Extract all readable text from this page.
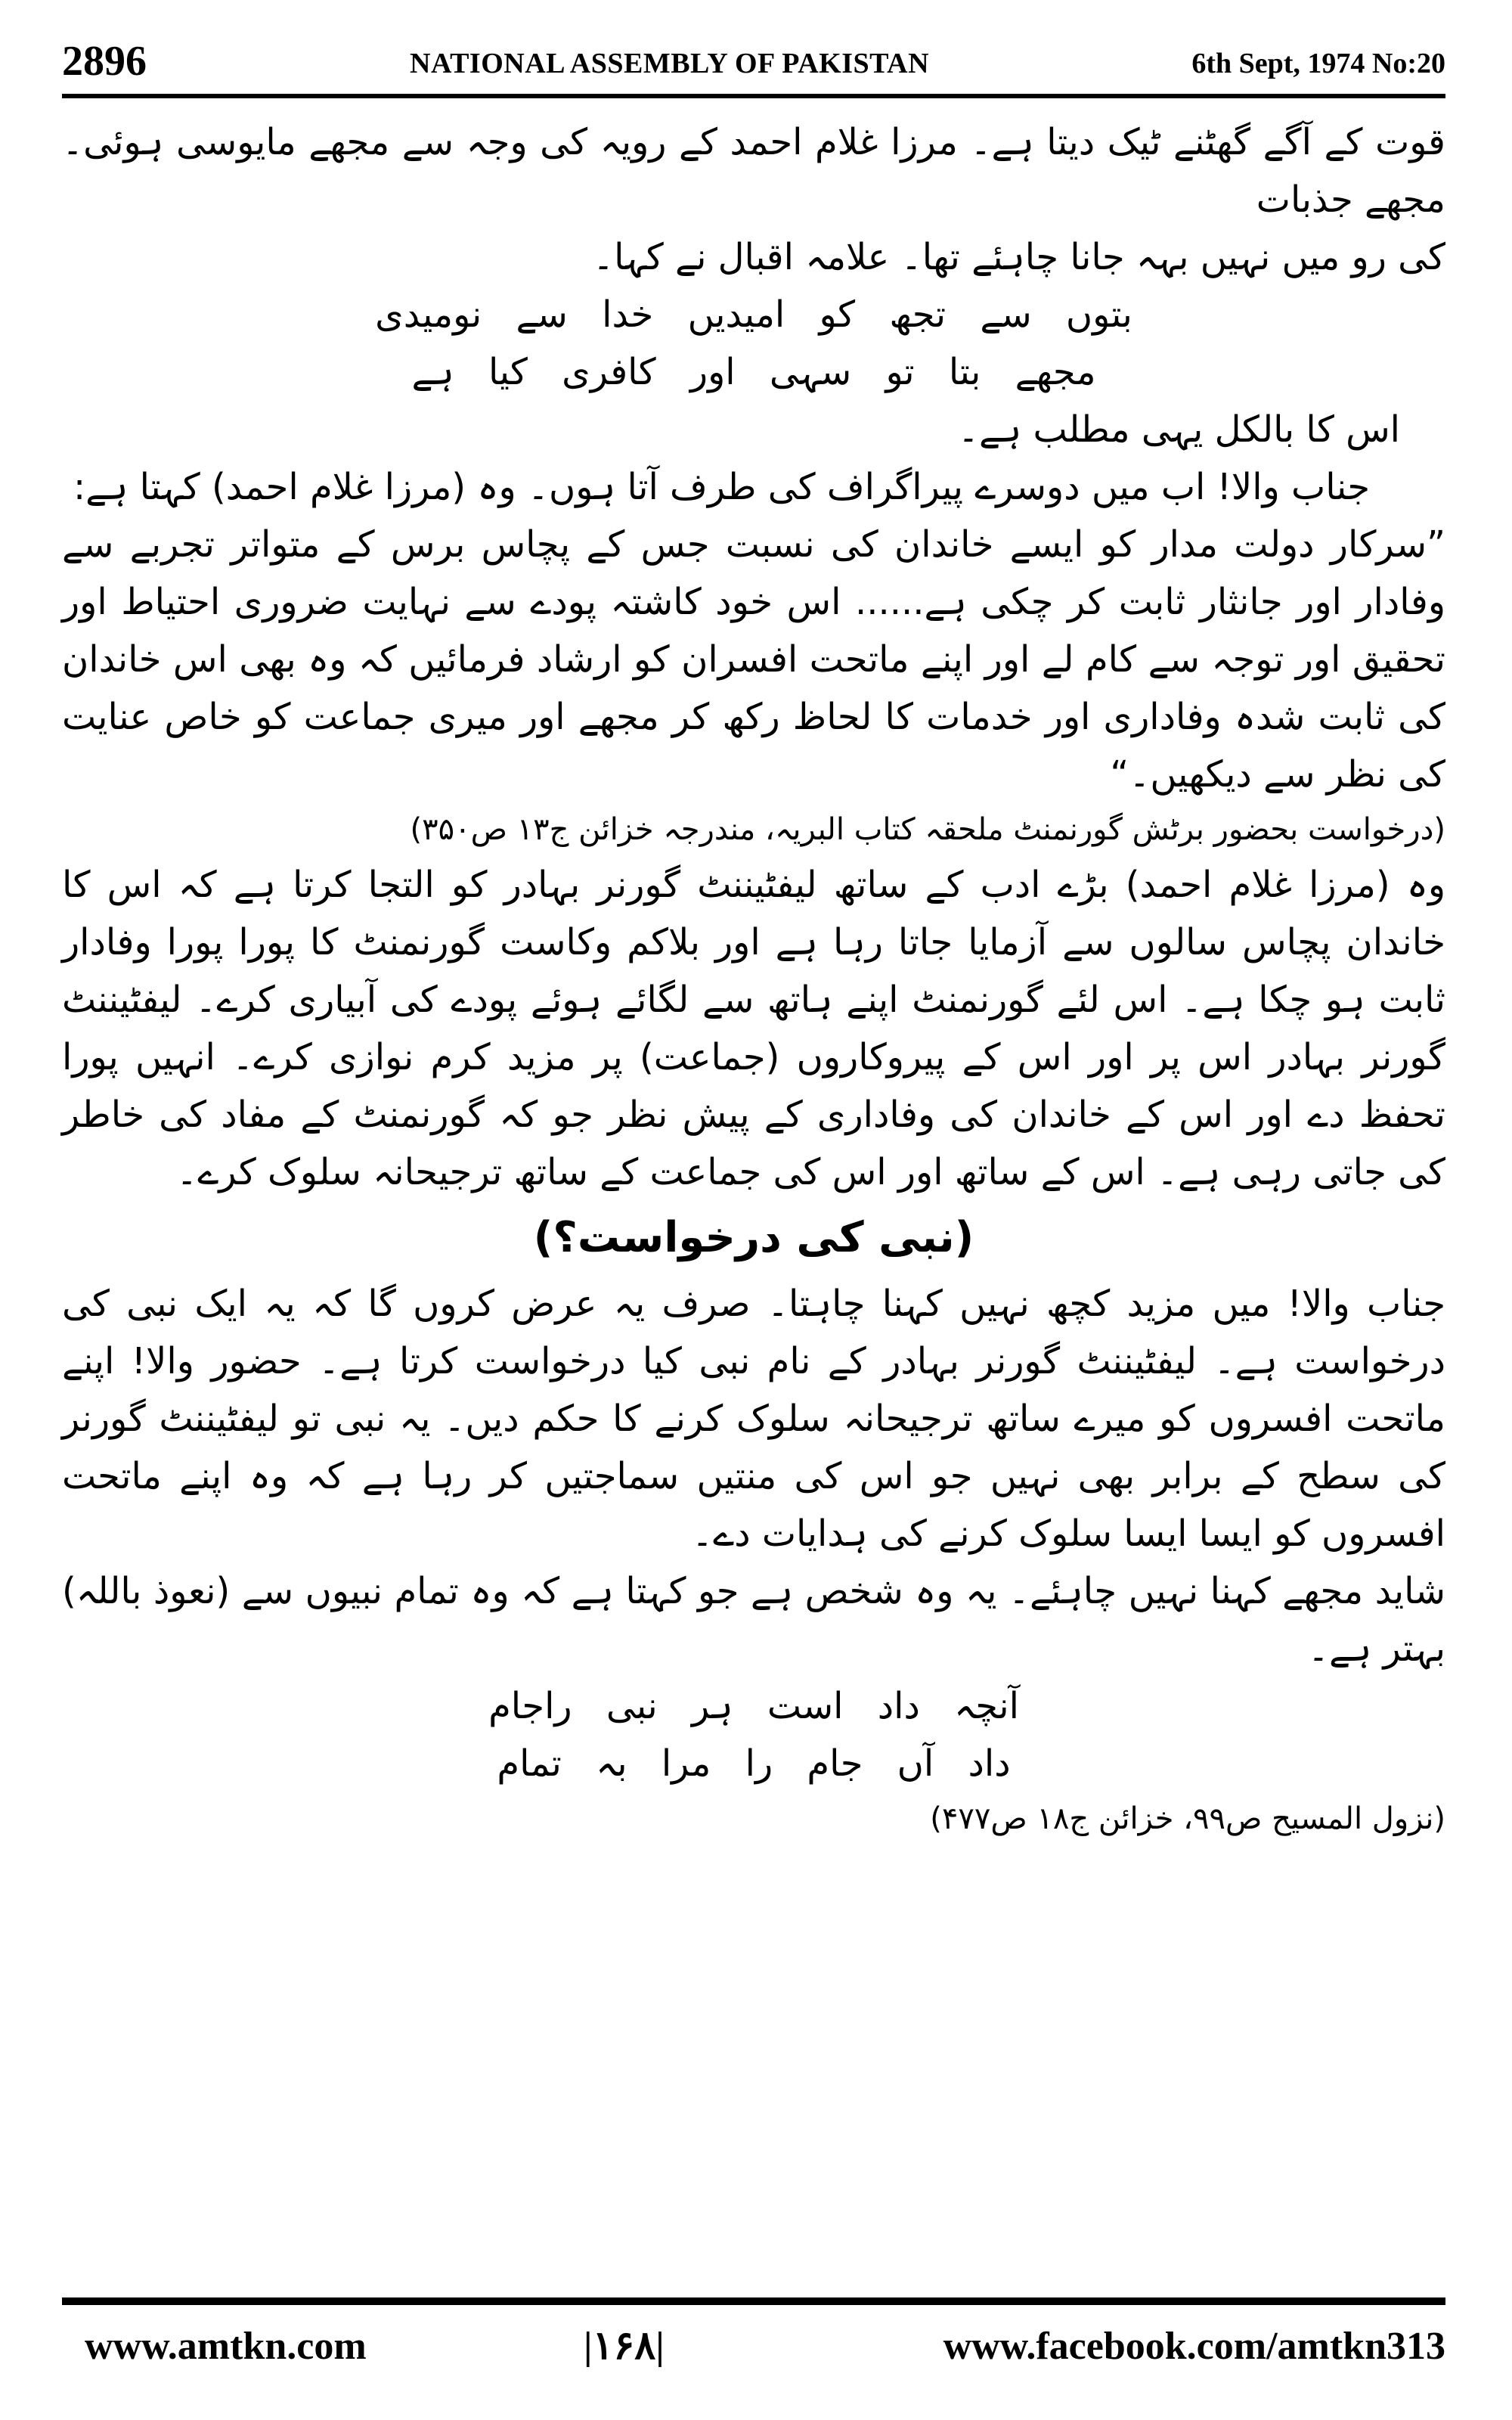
2896	NATIONAL ASSEMBLY OF PAKISTAN	6th Sept, 1974 No:20

قوت کے آگے گھٹنے ٹیک دیتا ہے۔ مرزا غلام احمد کے رویہ کی وجہ سے مجھے مایوسی ہوئی۔ مجھے جذبات

کی رو میں نہیں بہہ جانا چاہئے تھا۔ علامہ اقبال نے کہا۔

بتوں سے تجھ کو امیدیں خدا سے نومیدی

مجھے بتا تو سہی اور کافری کیا ہے

اس کا بالکل یہی مطلب ہے۔

جناب والا! اب میں دوسرے پیراگراف کی طرف آتا ہوں۔ وہ (مرزا غلام احمد) کہتا ہے:

”سرکار دولت مدار کو ایسے خاندان کی نسبت جس کے پچاس برس کے متواتر تجربے سے وفادار اور جانثار ثابت کر چکی ہے...... اس خود کاشتہ پودے سے نہایت ضروری احتیاط اور تحقیق اور توجہ سے کام لے اور اپنے ماتحت افسران کو ارشاد فرمائیں کہ وہ بھی اس خاندان کی ثابت شدہ وفاداری اور خدمات کا لحاظ رکھ کر مجھے اور میری جماعت کو خاص عنایت کی نظر سے دیکھیں۔“

(درخواست بحضور برٹش گورنمنٹ ملحقہ کتاب البریہ، مندرجہ خزائن ج۱۳ ص۳۵۰)

وہ (مرزا غلام احمد) بڑے ادب کے ساتھ لیفٹیننٹ گورنر بہادر کو التجا کرتا ہے کہ اس کا خاندان پچاس سالوں سے آزمایا جاتا رہا ہے اور بلاکم وکاست گورنمنٹ کا پورا پورا وفادار ثابت ہو چکا ہے۔ اس لئے گورنمنٹ اپنے ہاتھ سے لگائے ہوئے پودے کی آبیاری کرے۔ لیفٹیننٹ گورنر بہادر اس پر اور اس کے پیروکاروں (جماعت) پر مزید کرم نوازی کرے۔ انہیں پورا تحفظ دے اور اس کے خاندان کی وفاداری کے پیش نظر جو کہ گورنمنٹ کے مفاد کی خاطر کی جاتی رہی ہے۔ اس کے ساتھ اور اس کی جماعت کے ساتھ ترجیحانہ سلوک کرے۔

(نبی کی درخواست؟)

جناب والا! میں مزید کچھ نہیں کہنا چاہتا۔ صرف یہ عرض کروں گا کہ یہ ایک نبی کی درخواست ہے۔ لیفٹیننٹ گورنر بہادر کے نام نبی کیا درخواست کرتا ہے۔ حضور والا! اپنے ماتحت افسروں کو میرے ساتھ ترجیحانہ سلوک کرنے کا حکم دیں۔ یہ نبی تو لیفٹیننٹ گورنر کی سطح کے برابر بھی نہیں جو اس کی منتیں سماجتیں کر رہا ہے کہ وہ اپنے ماتحت افسروں کو ایسا ایسا سلوک کرنے کی ہدایات دے۔

شاید مجھے کہنا نہیں چاہئے۔ یہ وہ شخص ہے جو کہتا ہے کہ وہ تمام نبیوں سے (نعوذ باللہ) بہتر ہے۔

آنچہ داد است ہر نبی راجام

داد آں جام را مرا بہ تمام

(نزول المسیح ص۹۹، خزائن ج۱۸ ص۴۷۷)

www.amtkn.com	|۱۶۸|	www.facebook.com/amtkn313
